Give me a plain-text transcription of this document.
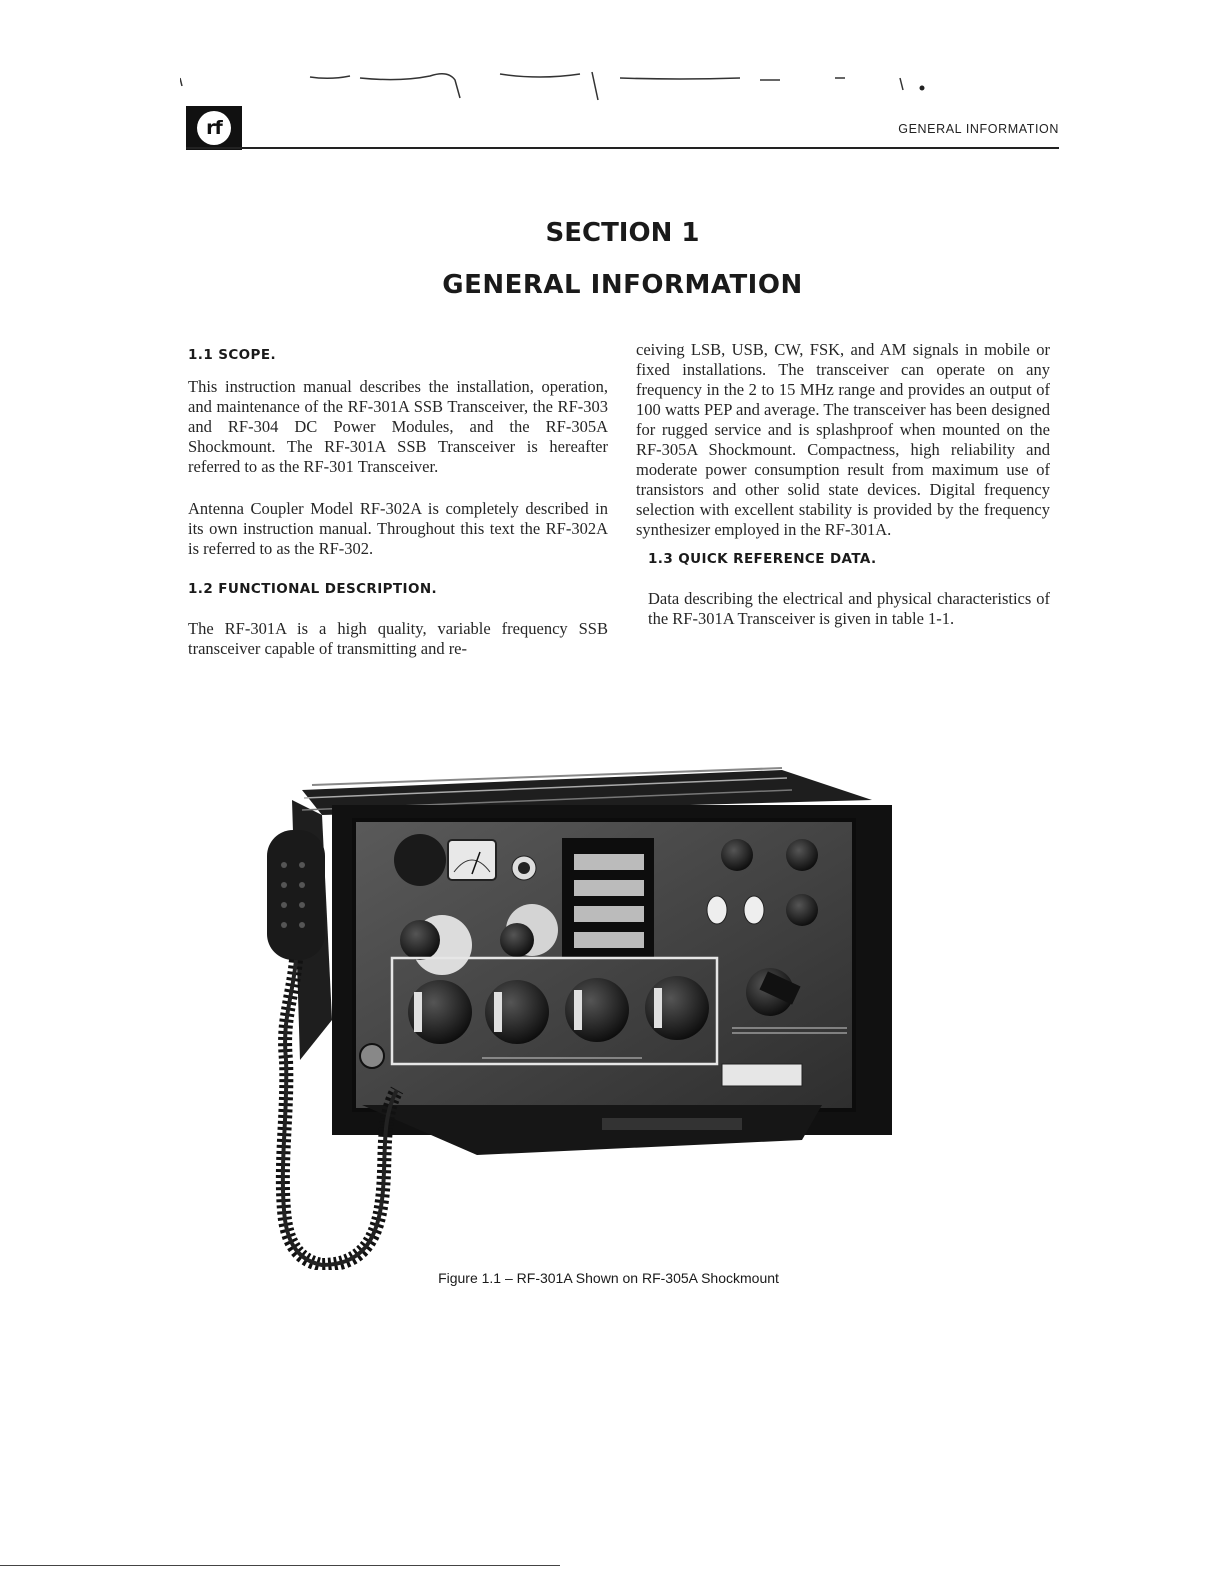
rf	GENERAL INFORMATION
SECTION 1
GENERAL INFORMATION

1.1 SCOPE.

This instruction manual describes the installation, operation, and maintenance of the RF-301A SSB Transceiver, the RF-303 and RF-304 DC Power Modules, and the RF-305A Shockmount. The RF-301A SSB Transceiver is hereafter referred to as the RF-301 Transceiver.

Antenna Coupler Model RF-302A is completely described in its own instruction manual. Throughout this text the RF-302A is referred to as the RF-302.

1.2 FUNCTIONAL DESCRIPTION.

The RF-301A is a high quality, variable frequency SSB transceiver capable of transmitting and re-

ceiving LSB, USB, CW, FSK, and AM signals in mobile or fixed installations. The transceiver can operate on any frequency in the 2 to 15 MHz range and provides an output of 100 watts PEP and average. The transceiver has been designed for rugged service and is splashproof when mounted on the RF-305A Shockmount. Compactness, high reliability and moderate power consumption result from maximum use of transistors and other solid state devices. Digital frequency selection with excellent stability is provided by the frequency synthesizer employed in the RF-301A.

1.3 QUICK REFERENCE DATA.

Data describing the electrical and physical characteristics of the RF-301A Transceiver is given in table 1-1.

Figure 1.1 – RF-301A Shown on RF-305A Shockmount
